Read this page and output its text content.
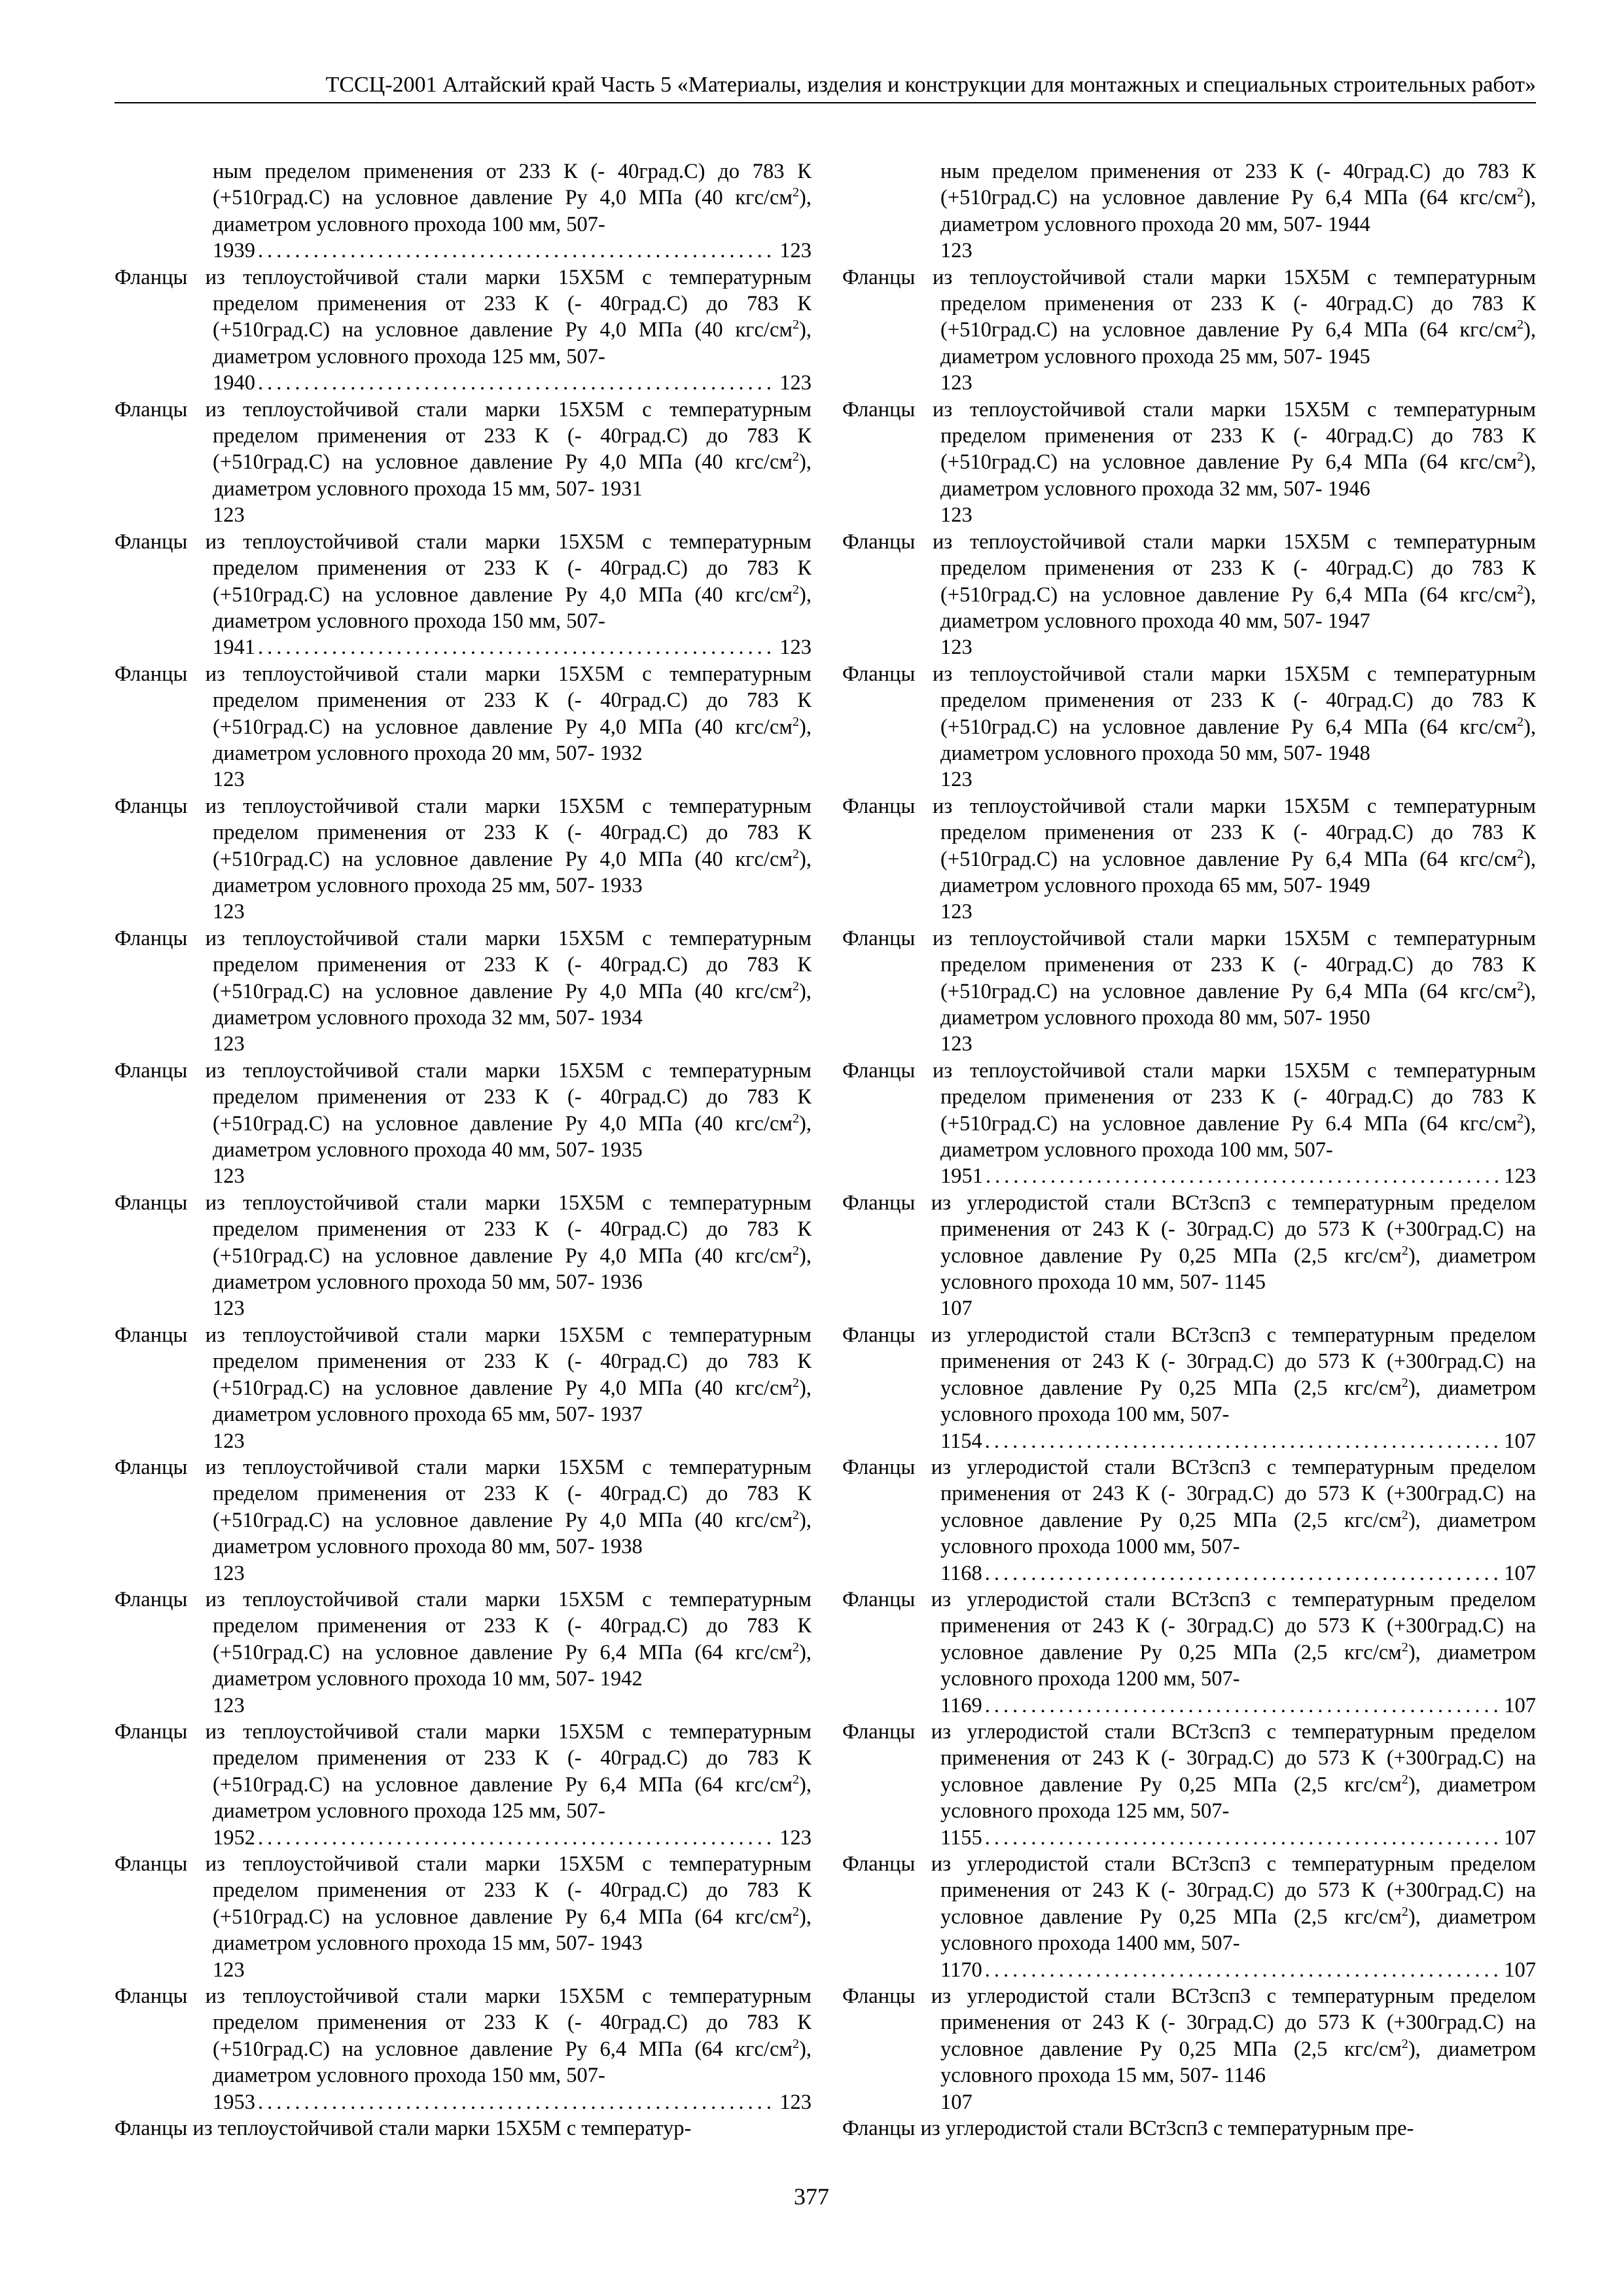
ТССЦ-2001 Алтайский край Часть 5 «Материалы, изделия и конструкции для монтажных и специальных строительных работ»
ным пределом применения от 233 К (- 40град.С) до 783 К (+510град.С) на условное давление Ру 4,0 МПа (40 кгс/$см^2$), диаметром условного прохода 100 мм, 507-
1939 .....	123
Фланцы из теплоустойчивой стали марки 15Х5М с температурным пределом применения от 233 К (- 40град.С) до 783 К (+510град.С) на условное давление Ру 4,0 МПа (40 кгс/$см^2$), диаметром условного прохода 125 мм, 507-
1940 .....	123
Фланцы из теплоустойчивой стали марки 15Х5М с температурным пределом применения от 233 К (- 40град.С) до 783 К (+510град.С) на условное давление Ру 4,0 МПа (40 кгс/$см^2$), диаметром условного прохода 15 мм, 507- 1931
123
Фланцы из теплоустойчивой стали марки 15Х5М с температурным пределом применения от 233 К (- 40град.С) до 783 К (+510град.С) на условное давление Ру 4,0 МПа (40 кгс/$см^2$), диаметром условного прохода 150 мм, 507-
1941 .....	123
Фланцы из теплоустойчивой стали марки 15Х5М с температурным пределом применения от 233 К (- 40град.С) до 783 К (+510град.С) на условное давление Ру 4,0 МПа (40 кгс/$см^2$), диаметром условного прохода 20 мм, 507- 1932
123
Фланцы из теплоустойчивой стали марки 15Х5М с температурным пределом применения от 233 К (- 40град.С) до 783 К (+510град.С) на условное давление Ру 4,0 МПа (40 кгс/$см^2$), диаметром условного прохода 25 мм, 507- 1933
123
Фланцы из теплоустойчивой стали марки 15Х5М с температурным пределом применения от 233 К (- 40град.С) до 783 К (+510град.С) на условное давление Ру 4,0 МПа (40 кгс/$см^2$), диаметром условного прохода 32 мм, 507- 1934
123
Фланцы из теплоустойчивой стали марки 15Х5М с температурным пределом применения от 233 К (- 40град.С) до 783 К (+510град.С) на условное давление Ру 4,0 МПа (40 кгс/$см^2$), диаметром условного прохода 40 мм, 507- 1935
123
Фланцы из теплоустойчивой стали марки 15Х5М с температурным пределом применения от 233 К (- 40град.С) до 783 К (+510град.С) на условное давление Ру 4,0 МПа (40 кгс/$см^2$), диаметром условного прохода 50 мм, 507- 1936
123
Фланцы из теплоустойчивой стали марки 15Х5М с температурным пределом применения от 233 К (- 40град.С) до 783 К (+510град.С) на условное давление Ру 4,0 МПа (40 кгс/$см^2$), диаметром условного прохода 65 мм, 507- 1937
123
Фланцы из теплоустойчивой стали марки 15Х5М с температурным пределом применения от 233 К (- 40град.С) до 783 К (+510град.С) на условное давление Ру 4,0 МПа (40 кгс/$см^2$), диаметром условного прохода 80 мм, 507- 1938
123
Фланцы из теплоустойчивой стали марки 15Х5М с температурным пределом применения от 233 К (- 40град.С) до 783 К (+510град.С) на условное давление Ру 6,4 МПа (64 кгс/$см^2$), диаметром условного прохода 10 мм, 507- 1942
123
Фланцы из теплоустойчивой стали марки 15Х5М с температурным пределом применения от 233 К (- 40град.С) до 783 К (+510град.С) на условное давление Ру 6,4 МПа (64 кгс/$см^2$), диаметром условного прохода 125 мм, 507-
1952 .....	123
Фланцы из теплоустойчивой стали марки 15Х5М с температурным пределом применения от 233 К (- 40град.С) до 783 К (+510град.С) на условное давление Ру 6,4 МПа (64 кгс/$см^2$), диаметром условного прохода 15 мм, 507- 1943
123
Фланцы из теплоустойчивой стали марки 15Х5М с температурным пределом применения от 233 К (- 40град.С) до 783 К (+510град.С) на условное давление Ру 6,4 МПа (64 кгс/$см^2$), диаметром условного прохода 150 мм, 507-
1953 .....	123
Фланцы из теплоустойчивой стали марки 15Х5М с температур-
ным пределом применения от 233 К (- 40град.С) до 783 К (+510град.С) на условное давление Ру 6,4 МПа (64 кгс/$см^2$), диаметром условного прохода 20 мм, 507- 1944
123
Фланцы из теплоустойчивой стали марки 15Х5М с температурным пределом применения от 233 К (- 40град.С) до 783 К (+510град.С) на условное давление Ру 6,4 МПа (64 кгс/$см^2$), диаметром условного прохода 25 мм, 507- 1945
123
Фланцы из теплоустойчивой стали марки 15Х5М с температурным пределом применения от 233 К (- 40град.С) до 783 К (+510град.С) на условное давление Ру 6,4 МПа (64 кгс/$см^2$), диаметром условного прохода 32 мм, 507- 1946
123
Фланцы из теплоустойчивой стали марки 15Х5М с температурным пределом применения от 233 К (- 40град.С) до 783 К (+510град.С) на условное давление Ру 6,4 МПа (64 кгс/$см^2$), диаметром условного прохода 40 мм, 507- 1947
123
Фланцы из теплоустойчивой стали марки 15Х5М с температурным пределом применения от 233 К (- 40град.С) до 783 К (+510град.С) на условное давление Ру 6,4 МПа (64 кгс/$см^2$), диаметром условного прохода 50 мм, 507- 1948
123
Фланцы из теплоустойчивой стали марки 15Х5М с температурным пределом применения от 233 К (- 40град.С) до 783 К (+510град.С) на условное давление Ру 6,4 МПа (64 кгс/$см^2$), диаметром условного прохода 65 мм, 507- 1949
123
Фланцы из теплоустойчивой стали марки 15Х5М с температурным пределом применения от 233 К (- 40град.С) до 783 К (+510град.С) на условное давление Ру 6,4 МПа (64 кгс/$см^2$), диаметром условного прохода 80 мм, 507- 1950
123
Фланцы из теплоустойчивой стали марки 15Х5М с температурным пределом применения от 233 К (- 40град.С) до 783 К (+510град.С) на условное давление Ру 6.4 МПа (64 кгс/$см^2$), диаметром условного прохода 100 мм, 507-
1951 .....	123
Фланцы из углеродистой стали ВСт3сп3 с температурным пределом применения от 243 К (- 30град.С) до 573 К (+300град.С) на условное давление Ру 0,25 МПа (2,5 кгс/$см^2$), диаметром условного прохода 10 мм, 507- 1145
107
Фланцы из углеродистой стали ВСт3сп3 с температурным пределом применения от 243 К (- 30град.С) до 573 К (+300град.С) на условное давление Ру 0,25 МПа (2,5 кгс/$см^2$), диаметром условного прохода 100 мм, 507-
1154 .....	107
Фланцы из углеродистой стали ВСт3сп3 с температурным пределом применения от 243 К (- 30град.С) до 573 К (+300град.С) на условное давление Ру 0,25 МПа (2,5 кгс/$см^2$), диаметром условного прохода 1000 мм, 507-
1168 .....	107
Фланцы из углеродистой стали ВСт3сп3 с температурным пределом применения от 243 К (- 30град.С) до 573 К (+300град.С) на условное давление Ру 0,25 МПа (2,5 кгс/$см^2$), диаметром условного прохода 1200 мм, 507-
1169 .....	107
Фланцы из углеродистой стали ВСт3сп3 с температурным пределом применения от 243 К (- 30град.С) до 573 К (+300град.С) на условное давление Ру 0,25 МПа (2,5 кгс/$см^2$), диаметром условного прохода 125 мм, 507-
1155 .....	107
Фланцы из углеродистой стали ВСт3сп3 с температурным пределом применения от 243 К (- 30град.С) до 573 К (+300град.С) на условное давление Ру 0,25 МПа (2,5 кгс/$см^2$), диаметром условного прохода 1400 мм, 507-
1170 .....	107
Фланцы из углеродистой стали ВСт3сп3 с температурным пределом применения от 243 К (- 30град.С) до 573 К (+300град.С) на условное давление Ру 0,25 МПа (2,5 кгс/$см^2$), диаметром условного прохода 15 мм, 507- 1146
107
Фланцы из углеродистой стали ВСт3сп3 с температурным пре-
377
